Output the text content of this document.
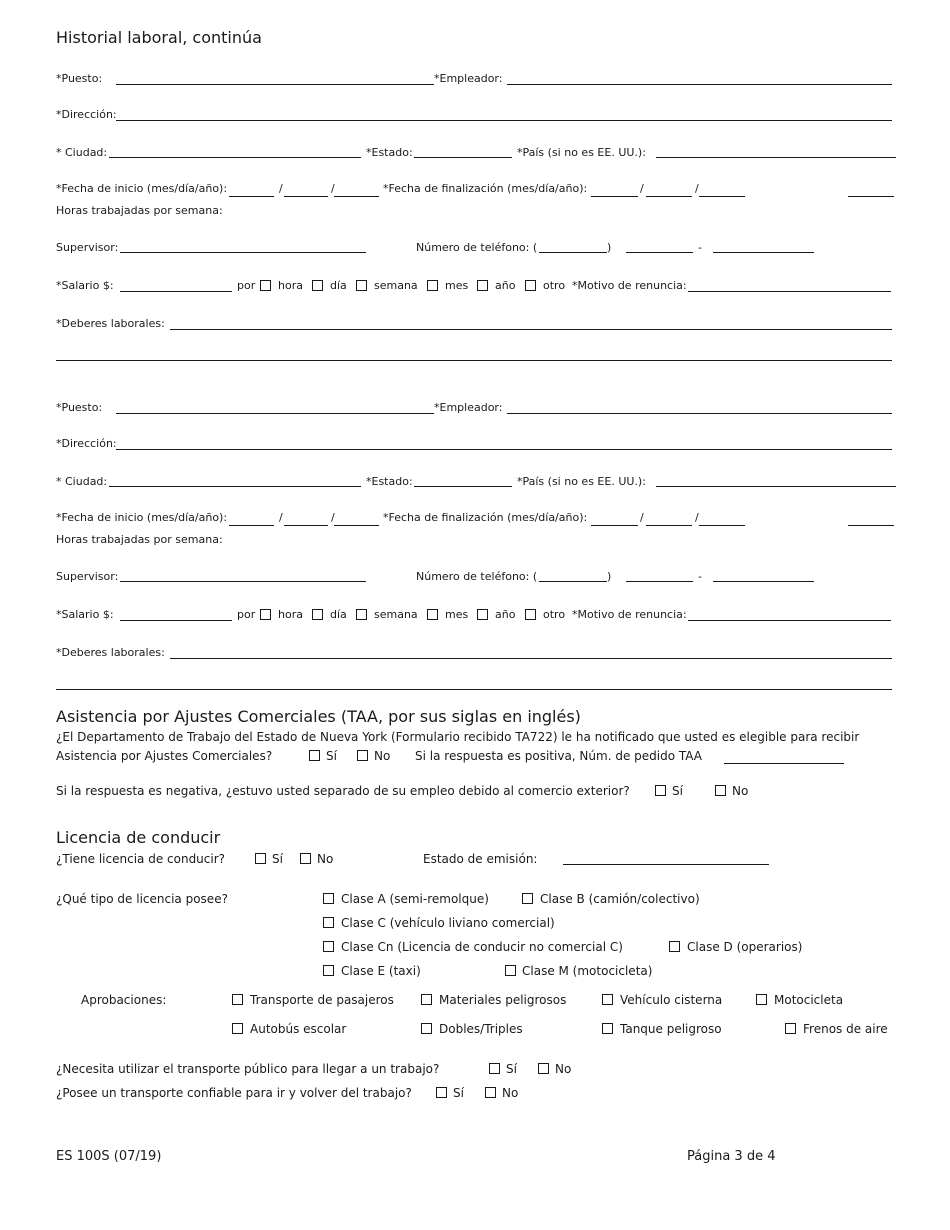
Historial laboral, continúa
*Puesto:	*Empleador:
*Dirección:
* Ciudad:	*Estado:	*País (si no es EE. UU.):
*Fecha de inicio (mes/día/año):	/	/	*Fecha de finalización (mes/día/año):	/	/
Horas trabajadas por semana:
Supervisor:	Número de teléfono: (	)	-
*Salario $:	por hora día semana mes año	otro *Motivo de renuncia:
*Deberes laborales:
*Puesto:	*Empleador:
*Dirección:
* Ciudad:	*Estado:	*País (si no es EE. UU.):
*Fecha de inicio (mes/día/año):	/	/	*Fecha de finalización (mes/día/año):	/	/
Horas trabajadas por semana:
Supervisor:	Número de teléfono: (	)	-
*Salario $:	por hora día semana mes año	otro *Motivo de renuncia:
*Deberes laborales:
Asistencia por Ajustes Comerciales (TAA, por sus siglas en inglés)
¿El Departamento de Trabajo del Estado de Nueva York (Formulario recibido TA722) le ha notificado que usted es elegible para recibir
Asistencia por Ajustes Comerciales?	Sí	No Si la respuesta es positiva, Núm. de pedido TAA
Si la respuesta es negativa, ¿estuvo usted separado de su empleo debido al comercio exterior?	Sí	No
Licencia de conducir
¿Tiene licencia de conducir?	Sí	No	Estado de emisión:
¿Qué tipo de licencia posee?	Clase A (semi-remolque)	Clase B (camión/colectivo)
Clase C (vehículo liviano comercial)
Clase Cn (Licencia de conducir no comercial C)	Clase D (operarios)
Clase E (taxi)	Clase M (motocicleta)
Aprobaciones:	Transporte de pasajeros	Materiales peligrosos	Vehículo cisterna	Motocicleta
Autobús escolar	Dobles/Triples	Tanque peligroso	Frenos de aire
¿Necesita utilizar el transporte público para llegar a un trabajo?	Sí	No
¿Posee un transporte confiable para ir y volver del trabajo?	Sí	No
ES 100S (07/19)	Página 3 de 4
